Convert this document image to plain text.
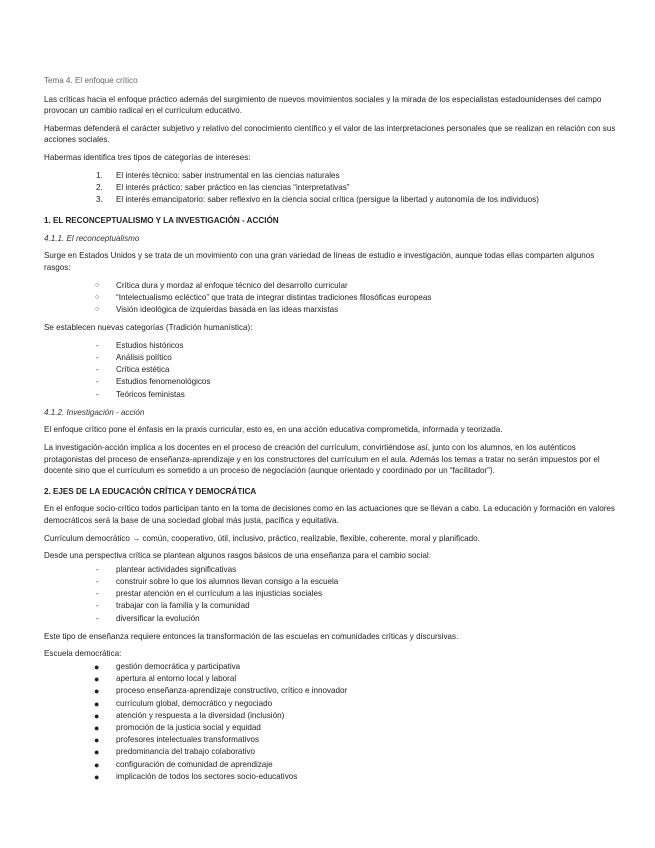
Tema 4. El enfoque crítico

Las críticas hacia el enfoque práctico además del surgimiento de nuevos movimientos sociales y la mirada de los especialistas estadounidenses del campo provocan un cambio radical en el currículum educativo.

Habermas defenderá el carácter subjetivo y relativo del conocimiento científico y el valor de las interpretaciones personales que se realizan en relación con sus acciones sociales.

Habermas identifica tres tipos de categorías de intereses:

1. El interés técnico: saber instrumental en las ciencias naturales
2. El interés práctico: saber práctico en las ciencias “interpretativas”
3. El interés emancipatorio: saber reflexivo en la ciencia social crítica (persigue la libertad y autonomía de los individuos)
1. EL RECONCEPTUALISMO Y LA INVESTIGACIÓN - ACCIÓN
4.1.1. El reconceptualismo

Surge en Estados Unidos y se trata de un movimiento con una gran variedad de líneas de estudio e investigación, aunque todas ellas comparten algunos rasgos:

○ Crítica dura y mordaz al enfoque técnico del desarrollo curricular
○ “Intelectualismo ecléctico” que trata de integrar distintas tradiciones filosóficas europeas
○ Visión ideológica de izquierdas basada en las ideas marxistas

Se establecen nuevas categorías (Tradición humanística):

- Estudios históricos
- Análisis político
- Crítica estética
- Estudios fenomenológicos
- Teóricos feministas
4.1.2. Investigación - acción

El enfoque crítico pone el énfasis en la praxis curricular, esto es, en una acción educativa comprometida, informada y teorizada.

La investigación-acción implica a los docentes en el proceso de creación del currículum, convirtiéndose así, junto con los alumnos, en los auténticos protagonistas del proceso de enseñanza-aprendizaje y en los constructores del currículum en el aula. Además los temas a tratar no serán impuestos por el docente sino que el currículum es sometido a un proceso de negociación (aunque orientado y coordinado por un “facilitador”).

2. EJES DE LA EDUCACIÓN CRÍTICA Y DEMOCRÁTICA

En el enfoque socio-crítico todos participan tanto en la toma de decisiones como en las actuaciones que se llevan a cabo. La educación y formación en valores democráticos será la base de una sociedad global más justa, pacífica y equitativa.

Currículum democrático → común, cooperativo, útil, inclusivo, práctico, realizable, flexible, coherente, moral y planificado.

Desde una perspectiva crítica se plantean algunos rasgos básicos de una enseñanza para el cambio social:

- plantear actividades significativas
- construir sobre lo que los alumnos llevan consigo a la escuela
- prestar atención en el currículum a las injusticias sociales
- trabajar con la familia y la comunidad
- diversificar la evolución

Este tipo de enseñanza requiere entonces la transformación de las escuelas en comunidades críticas y discursivas.

Escuela democrática:

● gestión democrática y participativa
● apertura al entorno local y laboral
● proceso enseñanza-aprendizaje constructivo, crítico e innovador
● currículum global, democrático y negociado
● atención y respuesta a la diversidad (inclusión)
● promoción de la justicia social y equidad
● profesores intelectuales transformativos
● predominancia del trabajo colaborativo
● configuración de comunidad de aprendizaje
● implicación de todos los sectores socio-educativos
